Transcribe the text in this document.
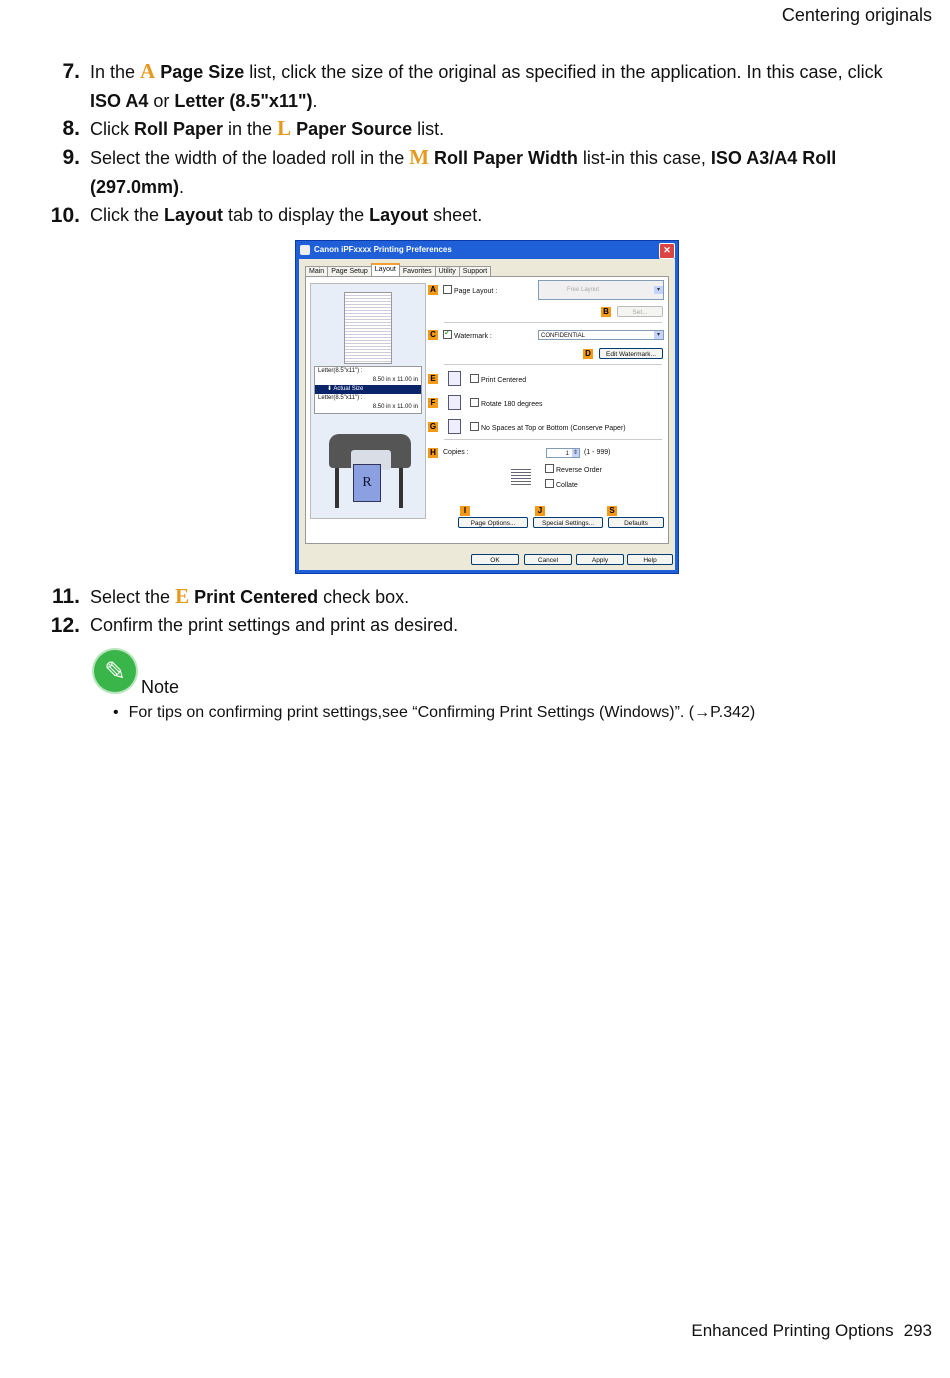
Centering originals
Canon iPFxxxx Printing Preferences	✕
Main Page Setup Layout Favorites Utility Support
Letter(8.5"x11") :
8.50 in x 11.00 in
⬇ Actual Size
Letter(8.5"x11") :
8.50 in x 11.00 in
R
A	Page Layout :	Free Layout	▾
B	Set...
C
✓	Watermark :	CONFIDENTIAL	▾
D	Edit Watermark...
E	Print Centered
F	Rotate 180 degrees
G	No Spaces at Top or Bottom (Conserve Paper)
H	Copies :	1 ⇕ (1 - 999)
Reverse Order
Collate
I	J	S
Page Options...	Special Settings...	Defaults
OK	Cancel	Apply	Help
✎
Note
• For tips on confirming print settings,see “Confirming Print Settings (Windows)”. (→P.342)
Enhanced Printing Options 293
7. In the A Page Size list, click the size of the original as specified in the application. In this case, click ISO A4 or Letter (8.5"x11").
8. Click Roll Paper in the L Paper Source list.
9. Select the width of the loaded roll in the M Roll Paper Width list-in this case, ISO A3/A4 Roll (297.0mm).
10. Click the Layout tab to display the Layout sheet.
11. Select the E Print Centered check box.
12. Confirm the print settings and print as desired.
